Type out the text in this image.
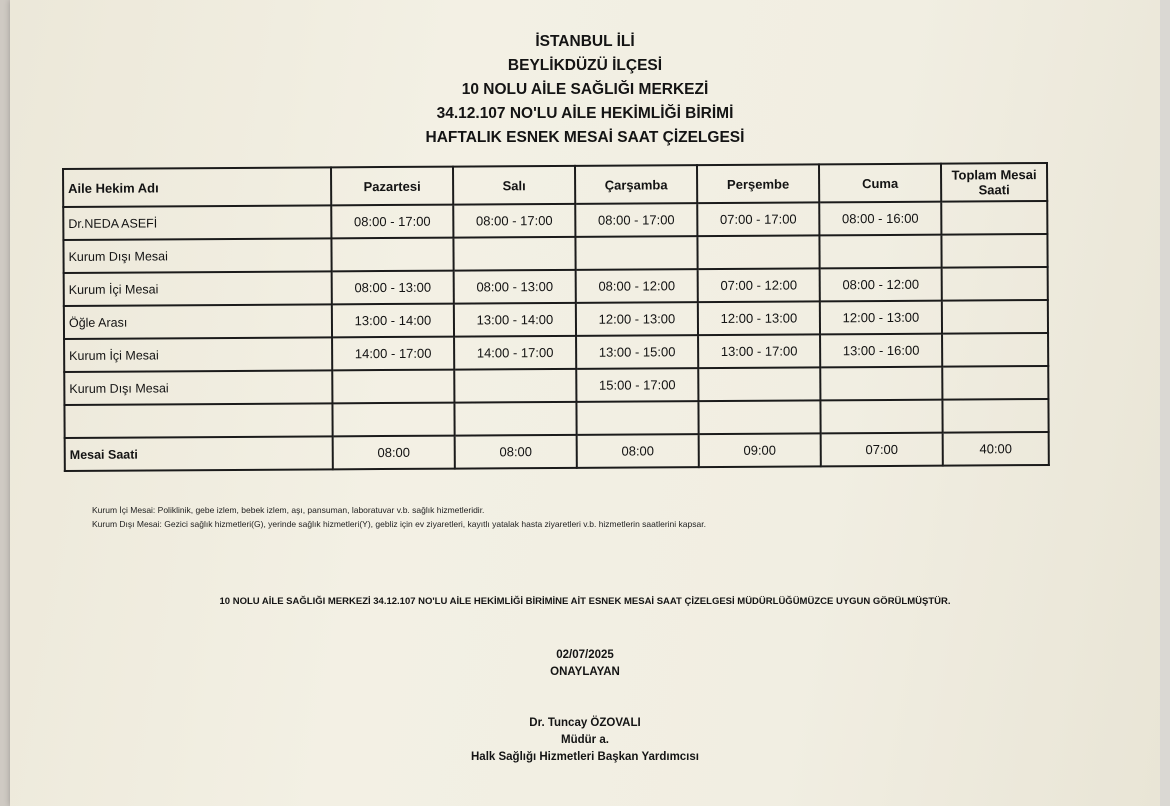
İSTANBUL İLİ
BEYLİKDÜZÜ İLÇESİ
10 NOLU AİLE SAĞLIĞI MERKEZİ
34.12.107 NO'LU AİLE HEKİMLİĞİ BİRİMİ
HAFTALIK ESNEK MESAİ SAAT ÇİZELGESİ
Aile Hekim Adı	Pazartesi	Salı	Çarşamba	Perşembe	Cuma	Toplam Mesai Saati
Dr.NEDA ASEFİ	08:00 - 17:00	08:00 - 17:00	08:00 - 17:00	07:00 - 17:00	08:00 - 16:00	
Kurum Dışı Mesai						
Kurum İçi Mesai	08:00 - 13:00	08:00 - 13:00	08:00 - 12:00	07:00 - 12:00	08:00 - 12:00	
Öğle Arası	13:00 - 14:00	13:00 - 14:00	12:00 - 13:00	12:00 - 13:00	12:00 - 13:00	
Kurum İçi Mesai	14:00 - 17:00	14:00 - 17:00	13:00 - 15:00	13:00 - 17:00	13:00 - 16:00	
Kurum Dışı Mesai			15:00 - 17:00			

Mesai Saati	08:00	08:00	08:00	09:00	07:00	40:00
Kurum İçi Mesai: Poliklinik, gebe izlem, bebek izlem, aşı, pansuman, laboratuvar v.b. sağlık hizmetleridir.
Kurum Dışı Mesai: Gezici sağlık hizmetleri(G), yerinde sağlık hizmetleri(Y), gebliz için ev ziyaretleri, kayıtlı yatalak hasta ziyaretleri v.b. hizmetlerin saatlerini kapsar.
10 NOLU AİLE SAĞLIĞI MERKEZİ 34.12.107 NO'LU AİLE HEKİMLİĞİ BİRİMİNE AİT ESNEK MESAİ SAAT ÇİZELGESİ MÜDÜRLÜĞÜMÜZCE UYGUN GÖRÜLMÜŞTÜR.
02/07/2025
ONAYLAYAN
Dr. Tuncay ÖZOVALI
Müdür a.
Halk Sağlığı Hizmetleri Başkan Yardımcısı
